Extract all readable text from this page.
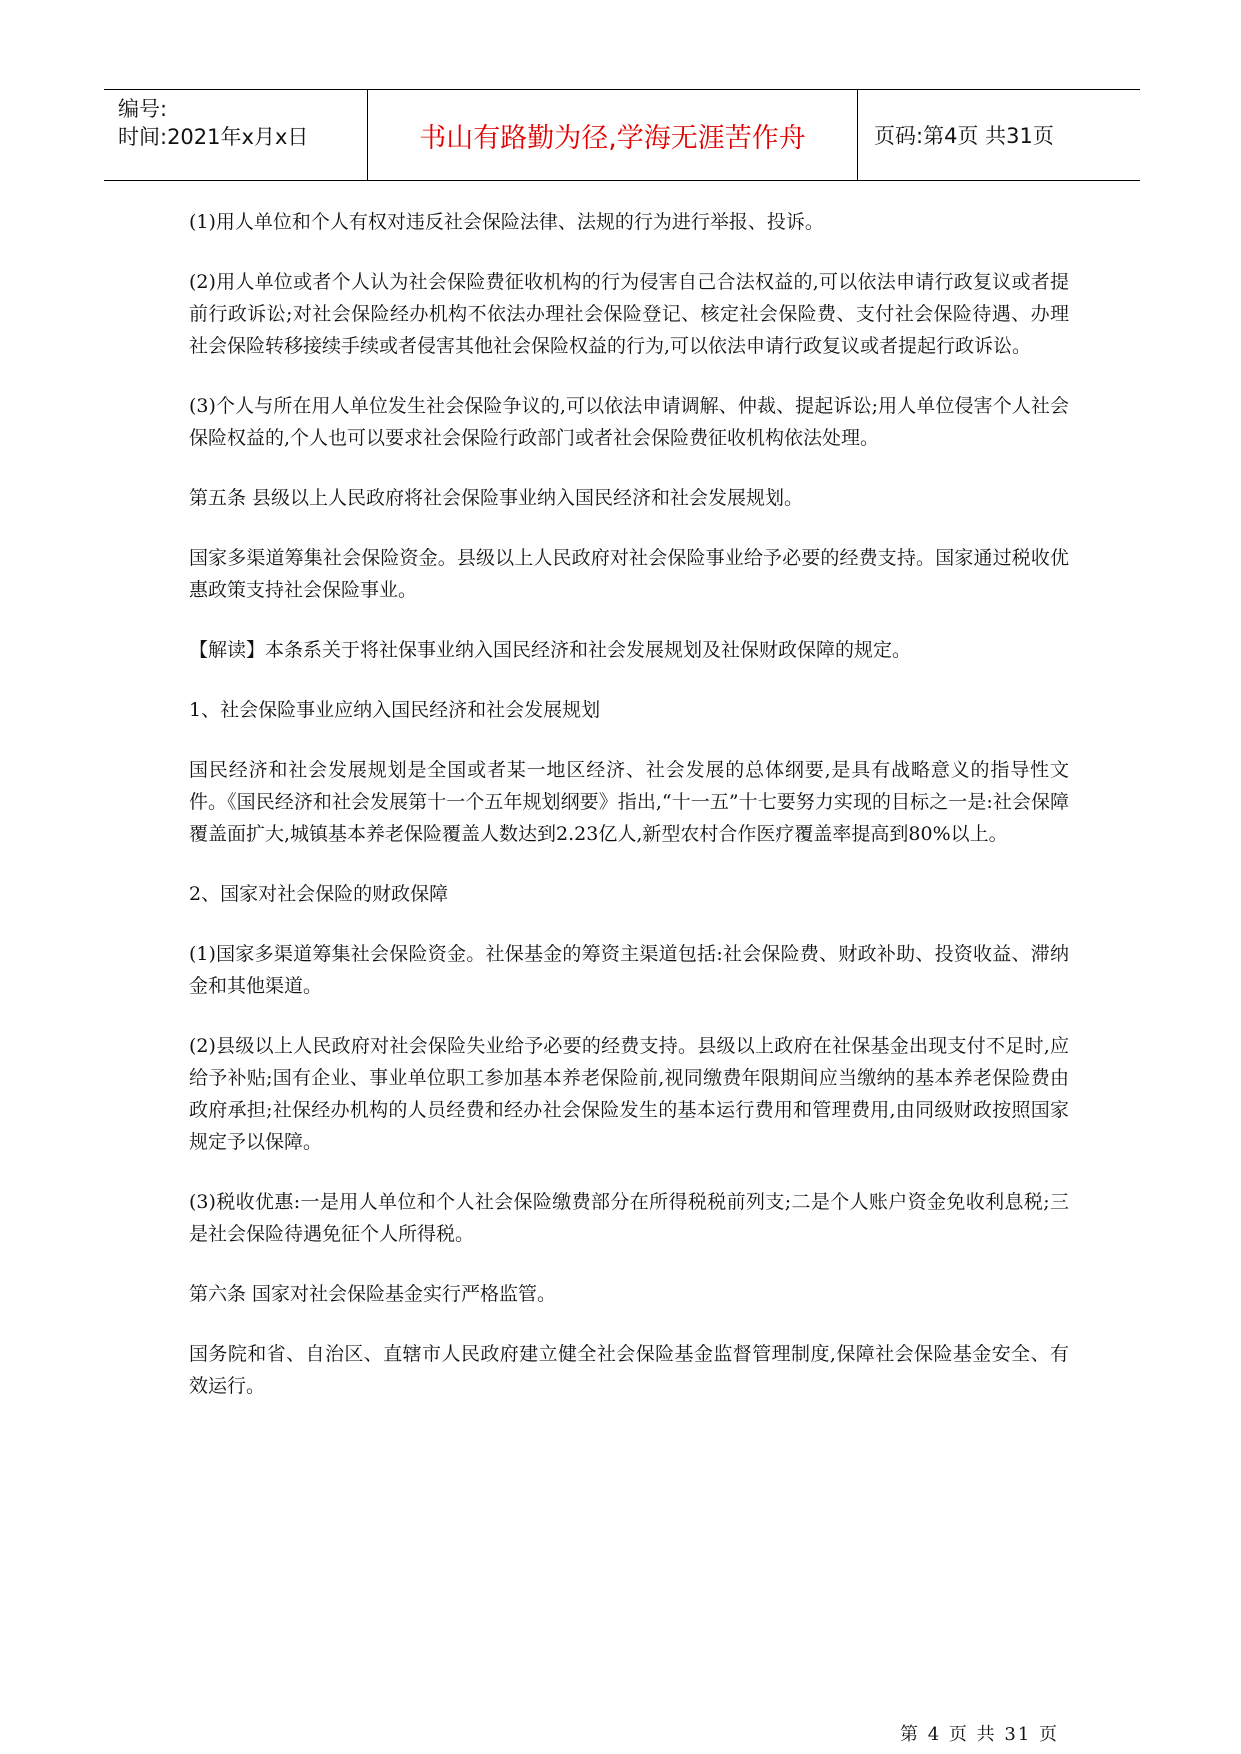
编号:
时间:2021年x月x日	书山有路勤为径,学海无涯苦作舟	页码:第4页 共31页

(1)用人单位和个人有权对违反社会保险法律、法规的行为进行举报、投诉。

(2)用人单位或者个人认为社会保险费征收机构的行为侵害自己合法权益的,可以依法申请行政复议或者提前行政诉讼;对社会保险经办机构不依法办理社会保险登记、核定社会保险费、支付社会保险待遇、办理社会保险转移接续手续或者侵害其他社会保险权益的行为,可以依法申请行政复议或者提起行政诉讼。

(3)个人与所在用人单位发生社会保险争议的,可以依法申请调解、仲裁、提起诉讼;用人单位侵害个人社会保险权益的,个人也可以要求社会保险行政部门或者社会保险费征收机构依法处理。

第五条 县级以上人民政府将社会保险事业纳入国民经济和社会发展规划。

国家多渠道筹集社会保险资金。县级以上人民政府对社会保险事业给予必要的经费支持。国家通过税收优惠政策支持社会保险事业。

【解读】本条系关于将社保事业纳入国民经济和社会发展规划及社保财政保障的规定。

1、社会保险事业应纳入国民经济和社会发展规划

国民经济和社会发展规划是全国或者某一地区经济、社会发展的总体纲要,是具有战略意义的指导性文件。《国民经济和社会发展第十一个五年规划纲要》指出,“十一五”十七要努力实现的目标之一是:社会保障覆盖面扩大,城镇基本养老保险覆盖人数达到2.23亿人,新型农村合作医疗覆盖率提高到80%以上。

2、国家对社会保险的财政保障

(1)国家多渠道筹集社会保险资金。社保基金的筹资主渠道包括:社会保险费、财政补助、投资收益、滞纳金和其他渠道。

(2)县级以上人民政府对社会保险失业给予必要的经费支持。县级以上政府在社保基金出现支付不足时,应给予补贴;国有企业、事业单位职工参加基本养老保险前,视同缴费年限期间应当缴纳的基本养老保险费由政府承担;社保经办机构的人员经费和经办社会保险发生的基本运行费用和管理费用,由同级财政按照国家规定予以保障。

(3)税收优惠:一是用人单位和个人社会保险缴费部分在所得税税前列支;二是个人账户资金免收利息税;三是社会保险待遇免征个人所得税。

第六条 国家对社会保险基金实行严格监管。

国务院和省、自治区、直辖市人民政府建立健全社会保险基金监督管理制度,保障社会保险基金安全、有效运行。

第 4 页 共 31 页
